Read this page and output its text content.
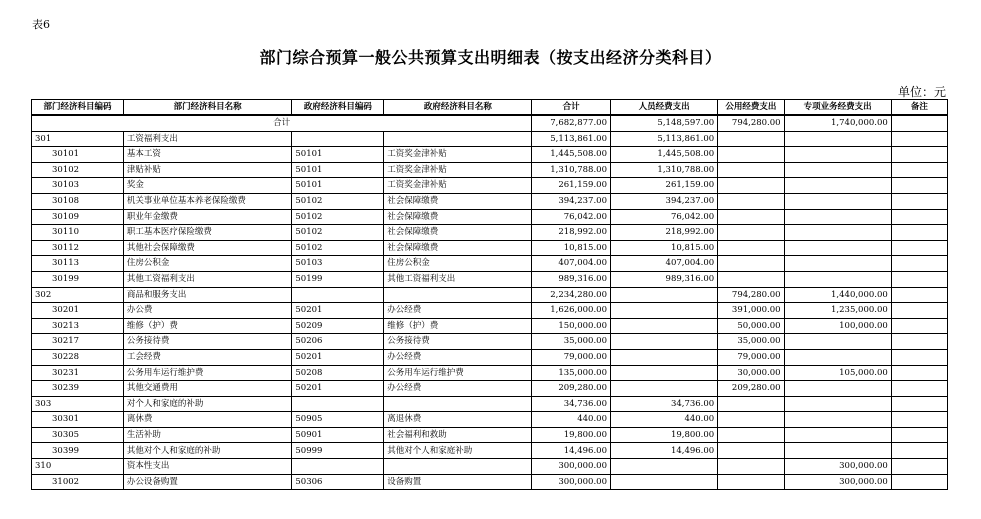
表6
部门综合预算一般公共预算支出明细表（按支出经济分类科目）
单位：元
部门经济科目编码	部门经济科目名称	政府经济科目编码	政府经济科目名称	合计	人员经费支出	公用经费支出	专项业务经费支出	备注
合计				7,682,877.00	5,148,597.00	794,280.00	1,740,000.00	
301	工资福利支出			5,113,861.00	5,113,861.00			
30101	基本工资	50101	工资奖金津补贴	1,445,508.00	1,445,508.00			
30102	津贴补贴	50101	工资奖金津补贴	1,310,788.00	1,310,788.00			
30103	奖金	50101	工资奖金津补贴	261,159.00	261,159.00			
30108	机关事业单位基本养老保险缴费	50102	社会保障缴费	394,237.00	394,237.00			
30109	职业年金缴费	50102	社会保障缴费	76,042.00	76,042.00			
30110	职工基本医疗保险缴费	50102	社会保障缴费	218,992.00	218,992.00			
30112	其他社会保障缴费	50102	社会保障缴费	10,815.00	10,815.00			
30113	住房公积金	50103	住房公积金	407,004.00	407,004.00			
30199	其他工资福利支出	50199	其他工资福利支出	989,316.00	989,316.00			
302	商品和服务支出			2,234,280.00		794,280.00	1,440,000.00	
30201	办公费	50201	办公经费	1,626,000.00		391,000.00	1,235,000.00	
30213	维修（护）费	50209	维修（护）费	150,000.00		50,000.00	100,000.00	
30217	公务接待费	50206	公务接待费	35,000.00		35,000.00		
30228	工会经费	50201	办公经费	79,000.00		79,000.00		
30231	公务用车运行维护费	50208	公务用车运行维护费	135,000.00		30,000.00	105,000.00	
30239	其他交通费用	50201	办公经费	209,280.00		209,280.00		
303	对个人和家庭的补助			34,736.00	34,736.00			
30301	离休费	50905	离退休费	440.00	440.00			
30305	生活补助	50901	社会福利和救助	19,800.00	19,800.00			
30399	其他对个人和家庭的补助	50999	其他对个人和家庭补助	14,496.00	14,496.00			
310	资本性支出			300,000.00			300,000.00	
31002	办公设备购置	50306	设备购置	300,000.00			300,000.00	
